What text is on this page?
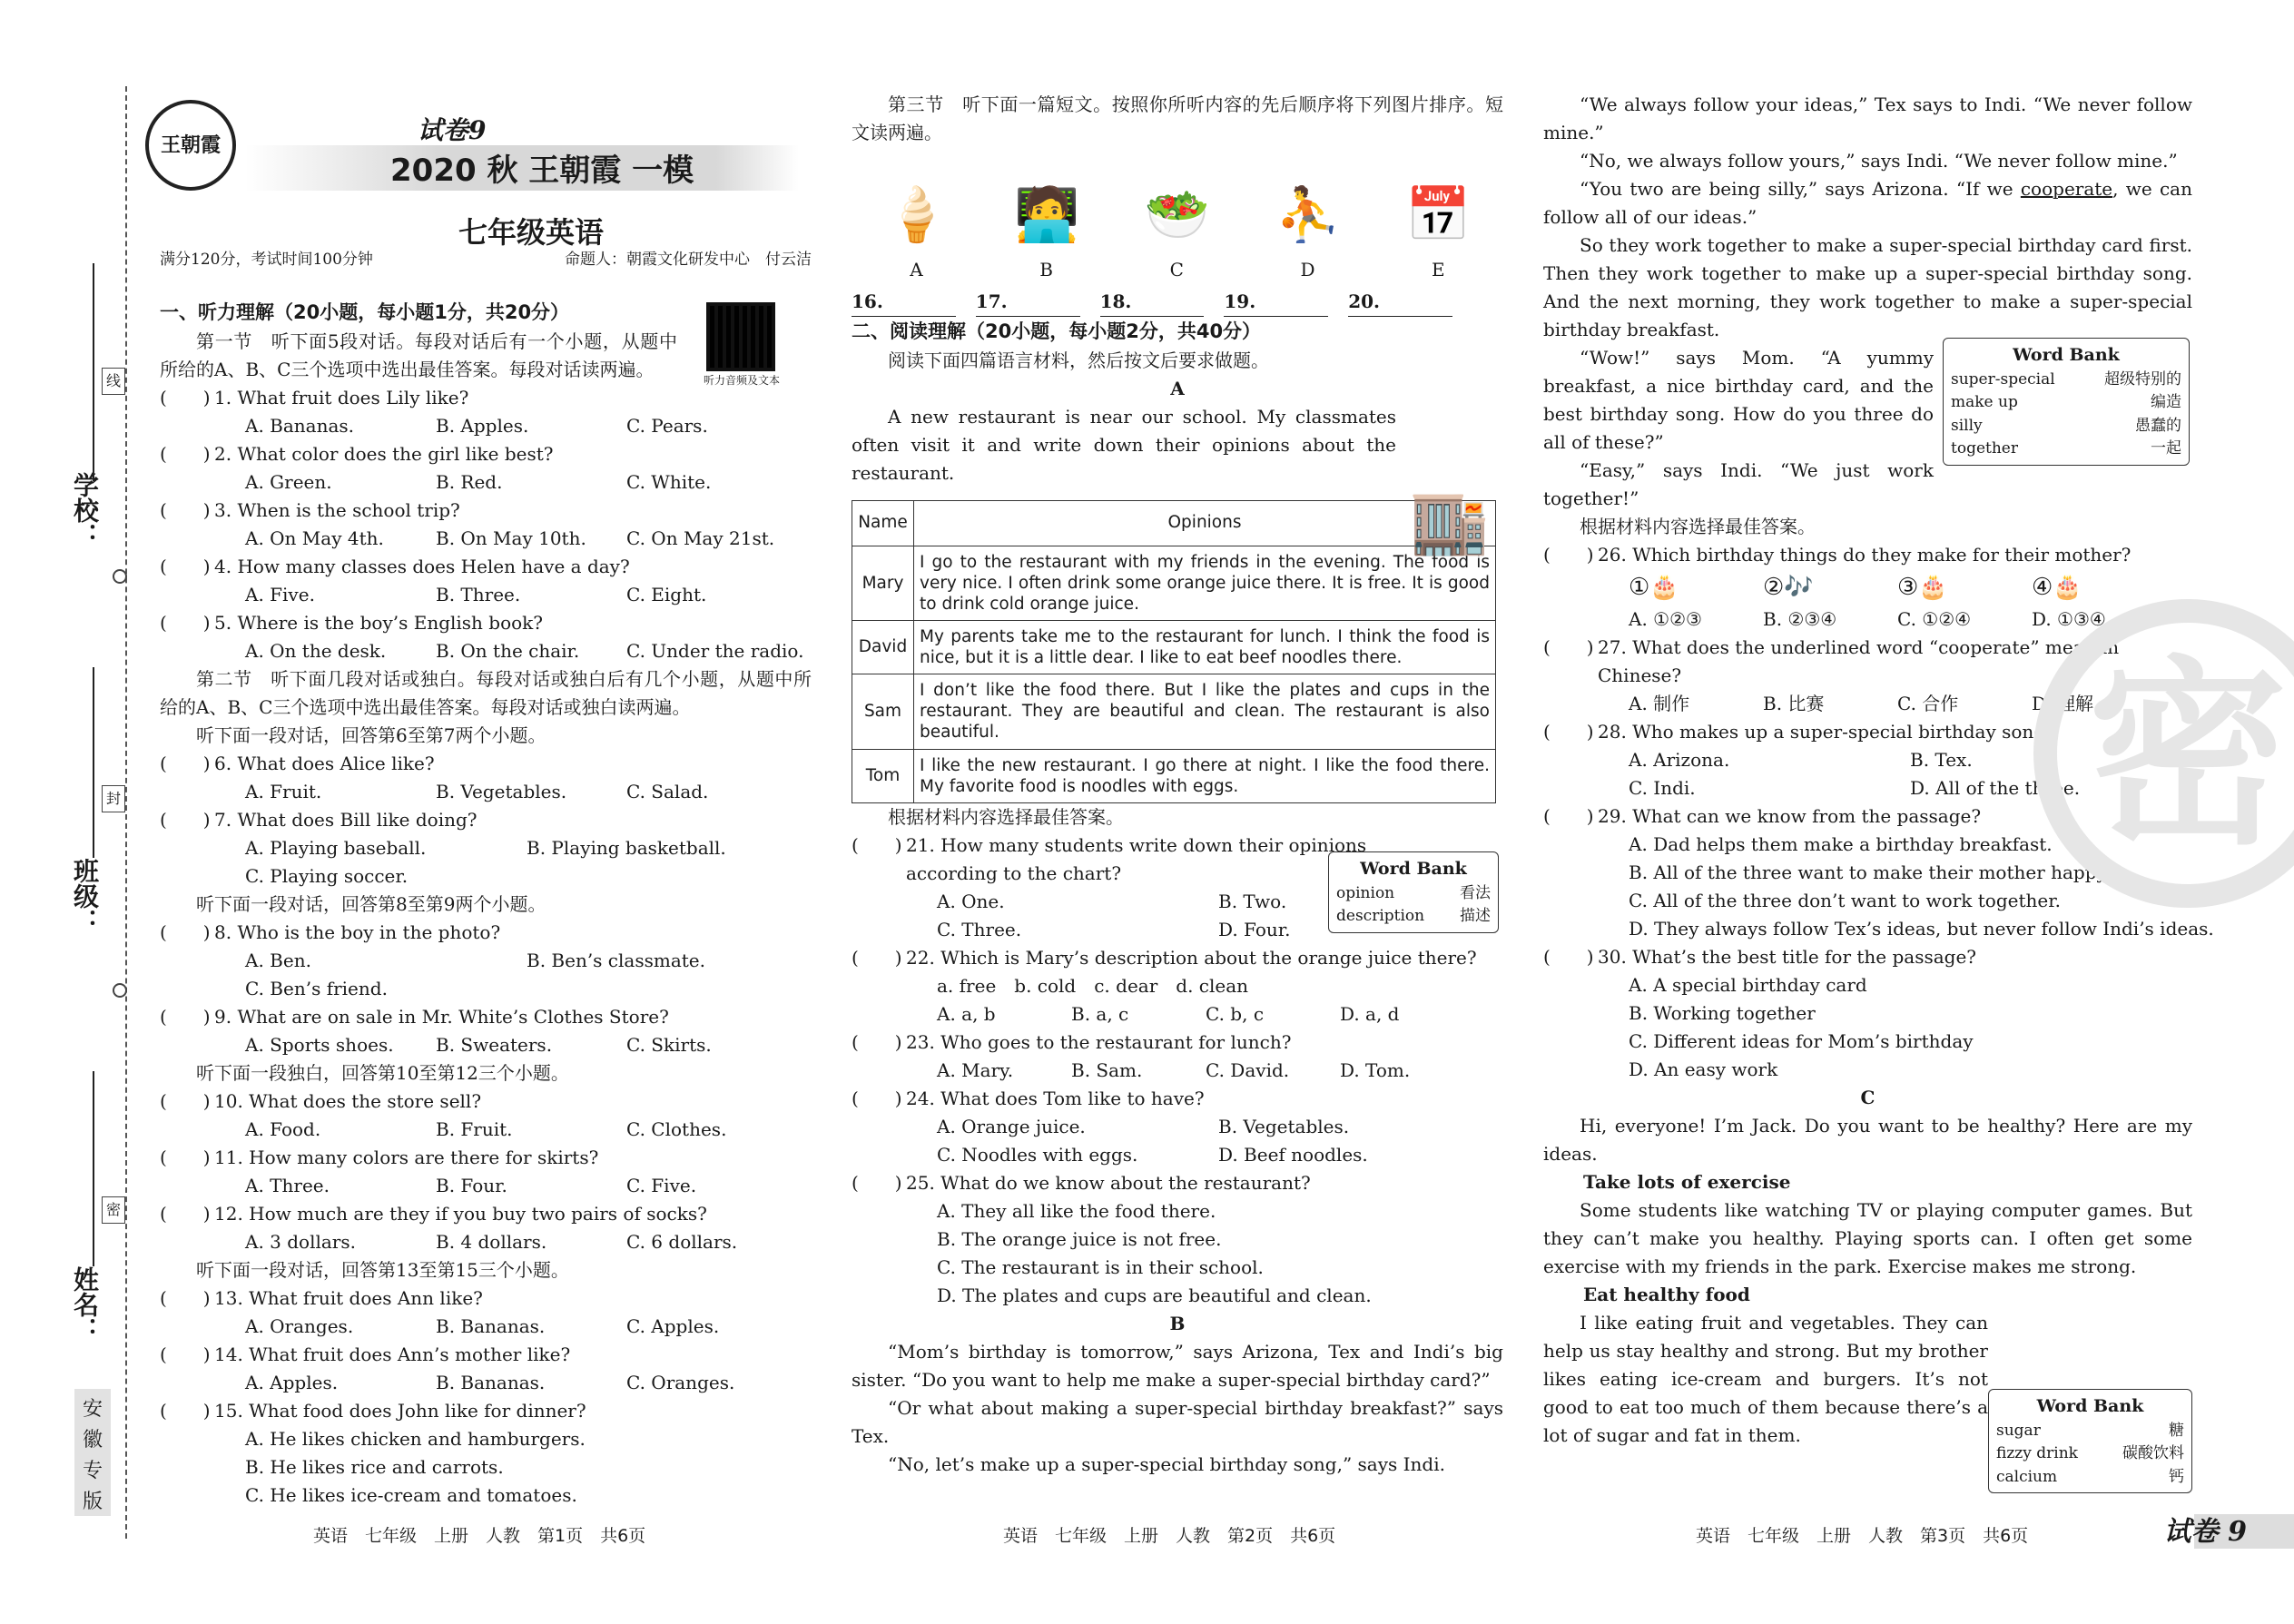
学校：
班级：
姓名：
线
封
密
安 徽 专 版
王朝霞	试卷9
2020 秋 王朝霞 一模
七年级英语
满分120分，考试时间100分钟	命题人：朝霞文化研发中心　付云洁
听力音频及文本
一、听力理解（20小题，每小题1分，共20分）
第一节　听下面5段对话。每段对话后有一个小题，从题中所给的A、B、C三个选项中选出最佳答案。每段对话读两遍。
(　　) 1. What fruit does Lily like?
A. Bananas.	B. Apples.	C. Pears.
(　　) 2. What color does the girl like best?
A. Green.	B. Red.	C. White.
(　　) 3. When is the school trip?
A. On May 4th.	B. On May 10th.	C. On May 21st.
(　　) 4. How many classes does Helen have a day?
A. Five.	B. Three.	C. Eight.
(　　) 5. Where is the boy’s English book?
A. On the desk.	B. On the chair.	C. Under the radio.
第二节　听下面几段对话或独白。每段对话或独白后有几个小题，从题中所给的A、B、C三个选项中选出最佳答案。每段对话或独白读两遍。
听下面一段对话，回答第6至第7两个小题。
(　　) 6. What does Alice like?
A. Fruit.	B. Vegetables.	C. Salad.
(　　) 7. What does Bill like doing?
A. Playing baseball.	B. Playing basketball.
C. Playing soccer.
听下面一段对话，回答第8至第9两个小题。
(　　) 8. Who is the boy in the photo?
A. Ben.	B. Ben’s classmate.
C. Ben’s friend.
(　　) 9. What are on sale in Mr. White’s Clothes Store?
A. Sports shoes.	B. Sweaters.	C. Skirts.
听下面一段独白，回答第10至第12三个小题。
(　　) 10. What does the store sell?
A. Food.	B. Fruit.	C. Clothes.
(　　) 11. How many colors are there for skirts?
A. Three.	B. Four.	C. Five.
(　　) 12. How much are they if you buy two pairs of socks?
A. 3 dollars.	B. 4 dollars.	C. 6 dollars.
听下面一段对话，回答第13至第15三个小题。
(　　) 13. What fruit does Ann like?
A. Oranges.	B. Bananas.	C. Apples.
(　　) 14. What fruit does Ann’s mother like?
A. Apples.	B. Bananas.	C. Oranges.
(　　) 15. What food does John like for dinner?
A. He likes chicken and hamburgers.
B. He likes rice and carrots.
C. He likes ice-cream and tomatoes.
第三节　听下面一篇短文。按照你所听内容的先后顺序将下列图片排序。短文读两遍。
🍦 🧑‍💻 🥗 ⛹ 📅
A	B	C	D	E
16.	17.	18.	19.	20.
二、阅读理解（20小题，每小题2分，共40分）
阅读下面四篇语言材料，然后按文后要求做题。
A
A new restaurant is near our school. My classmates often visit it and write down their opinions about the restaurant.
🏬
Name	Opinions
Mary	I go to the restaurant with my friends in the evening. The food is very nice. I often drink some orange juice there. It is free. It is good to drink cold orange juice.
David	My parents take me to the restaurant for lunch. I think the food is nice, but it is a little dear. I like to eat beef noodles there.
Sam	I don’t like the food there. But I like the plates and cups in the restaurant. They are beautiful and clean. The restaurant is also beautiful.
Tom	I like the new restaurant. I go there at night. I like the food there. My favorite food is noodles with eggs.
根据材料内容选择最佳答案。
Word Bank
opinion	看法
description 描述
(　　) 21. How many students write down their opinions according to the chart?
A. One.	B. Two.
C. Three.	D. Four.
(　　) 22. Which is Mary’s description about the orange juice there?
a. free　b. cold　c. dear　d. clean
A. a, b	B. a, c	C. b, c	D. a, d
(　　) 23. Who goes to the restaurant for lunch?
A. Mary.	B. Sam.	C. David.	D. Tom.
(　　) 24. What does Tom like to have?
A. Orange juice.	B. Vegetables.
C. Noodles with eggs.	D. Beef noodles.
(　　) 25. What do we know about the restaurant?
A. They all like the food there.
B. The orange juice is not free.
C. The restaurant is in their school.
D. The plates and cups are beautiful and clean.
B
“Mom’s birthday is tomorrow,” says Arizona, Tex and Indi’s big sister. “Do you want to help me make a super-special birthday card?”
“Or what about making a super-special birthday breakfast?” says Tex.
“No, let’s make up a super-special birthday song,” says Indi.
“We always follow your ideas,” Tex says to Indi. “We never follow mine.”
“No, we always follow yours,” says Indi. “We never follow mine.”
“You two are being silly,” says Arizona. “If we cooperate, we can follow all of our ideas.”
So they work together to make a super-special birthday card first. Then they work together to make up a super-special birthday song. And the next morning, they work together to make a super-special birthday breakfast.
“Wow!” says Mom. “A yummy breakfast, a nice birthday card, and the best birthday song. How do you three do all of these?”
“Easy,” says Indi. “We just work together!”
Word Bank
super-special	超级特别的
make up	编造
silly	愚蠢的
together	一起
根据材料内容选择最佳答案。
(　　) 26. Which birthday things do they make for their mother?
①🎂	②🎶	③🎂	④🎂
A. ①②③	B. ②③④	C. ①②④	D. ①③④
(　　) 27. What does the underlined word “cooperate” mean in Chinese?
A. 制作	B. 比赛	C. 合作	D. 理解
(　　) 28. Who makes up a super-special birthday song?
A. Arizona.	B. Tex.
C. Indi.	D. All of the three.
(　　) 29. What can we know from the passage?
A. Dad helps them make a birthday breakfast.
B. All of the three want to make their mother happy.
C. All of the three don’t want to work together.
D. They always follow Tex’s ideas, but never follow Indi’s ideas.
(　　) 30. What’s the best title for the passage?
A. A special birthday card
B. Working together
C. Different ideas for Mom’s birthday
D. An easy work
C
Hi, everyone! I’m Jack. Do you want to be healthy? Here are my ideas.
Take lots of exercise
Some students like watching TV or playing computer games. But they can’t make you healthy. Playing sports can. I often get some exercise with my friends in the park. Exercise makes me strong.
Eat healthy food
I like eating fruit and vegetables. They can help us stay healthy and strong. But my brother likes eating ice-cream and burgers. It’s not good to eat too much of them because there’s a lot of sugar and fat in them.
Word Bank
sugar	糖
fizzy drink	碳酸饮料
calcium	钙
密
英语　七年级　上册　人教　第1页　共6页	英语　七年级　上册　人教　第2页　共6页	英语　七年级　上册　人教　第3页　共6页	试卷 9
